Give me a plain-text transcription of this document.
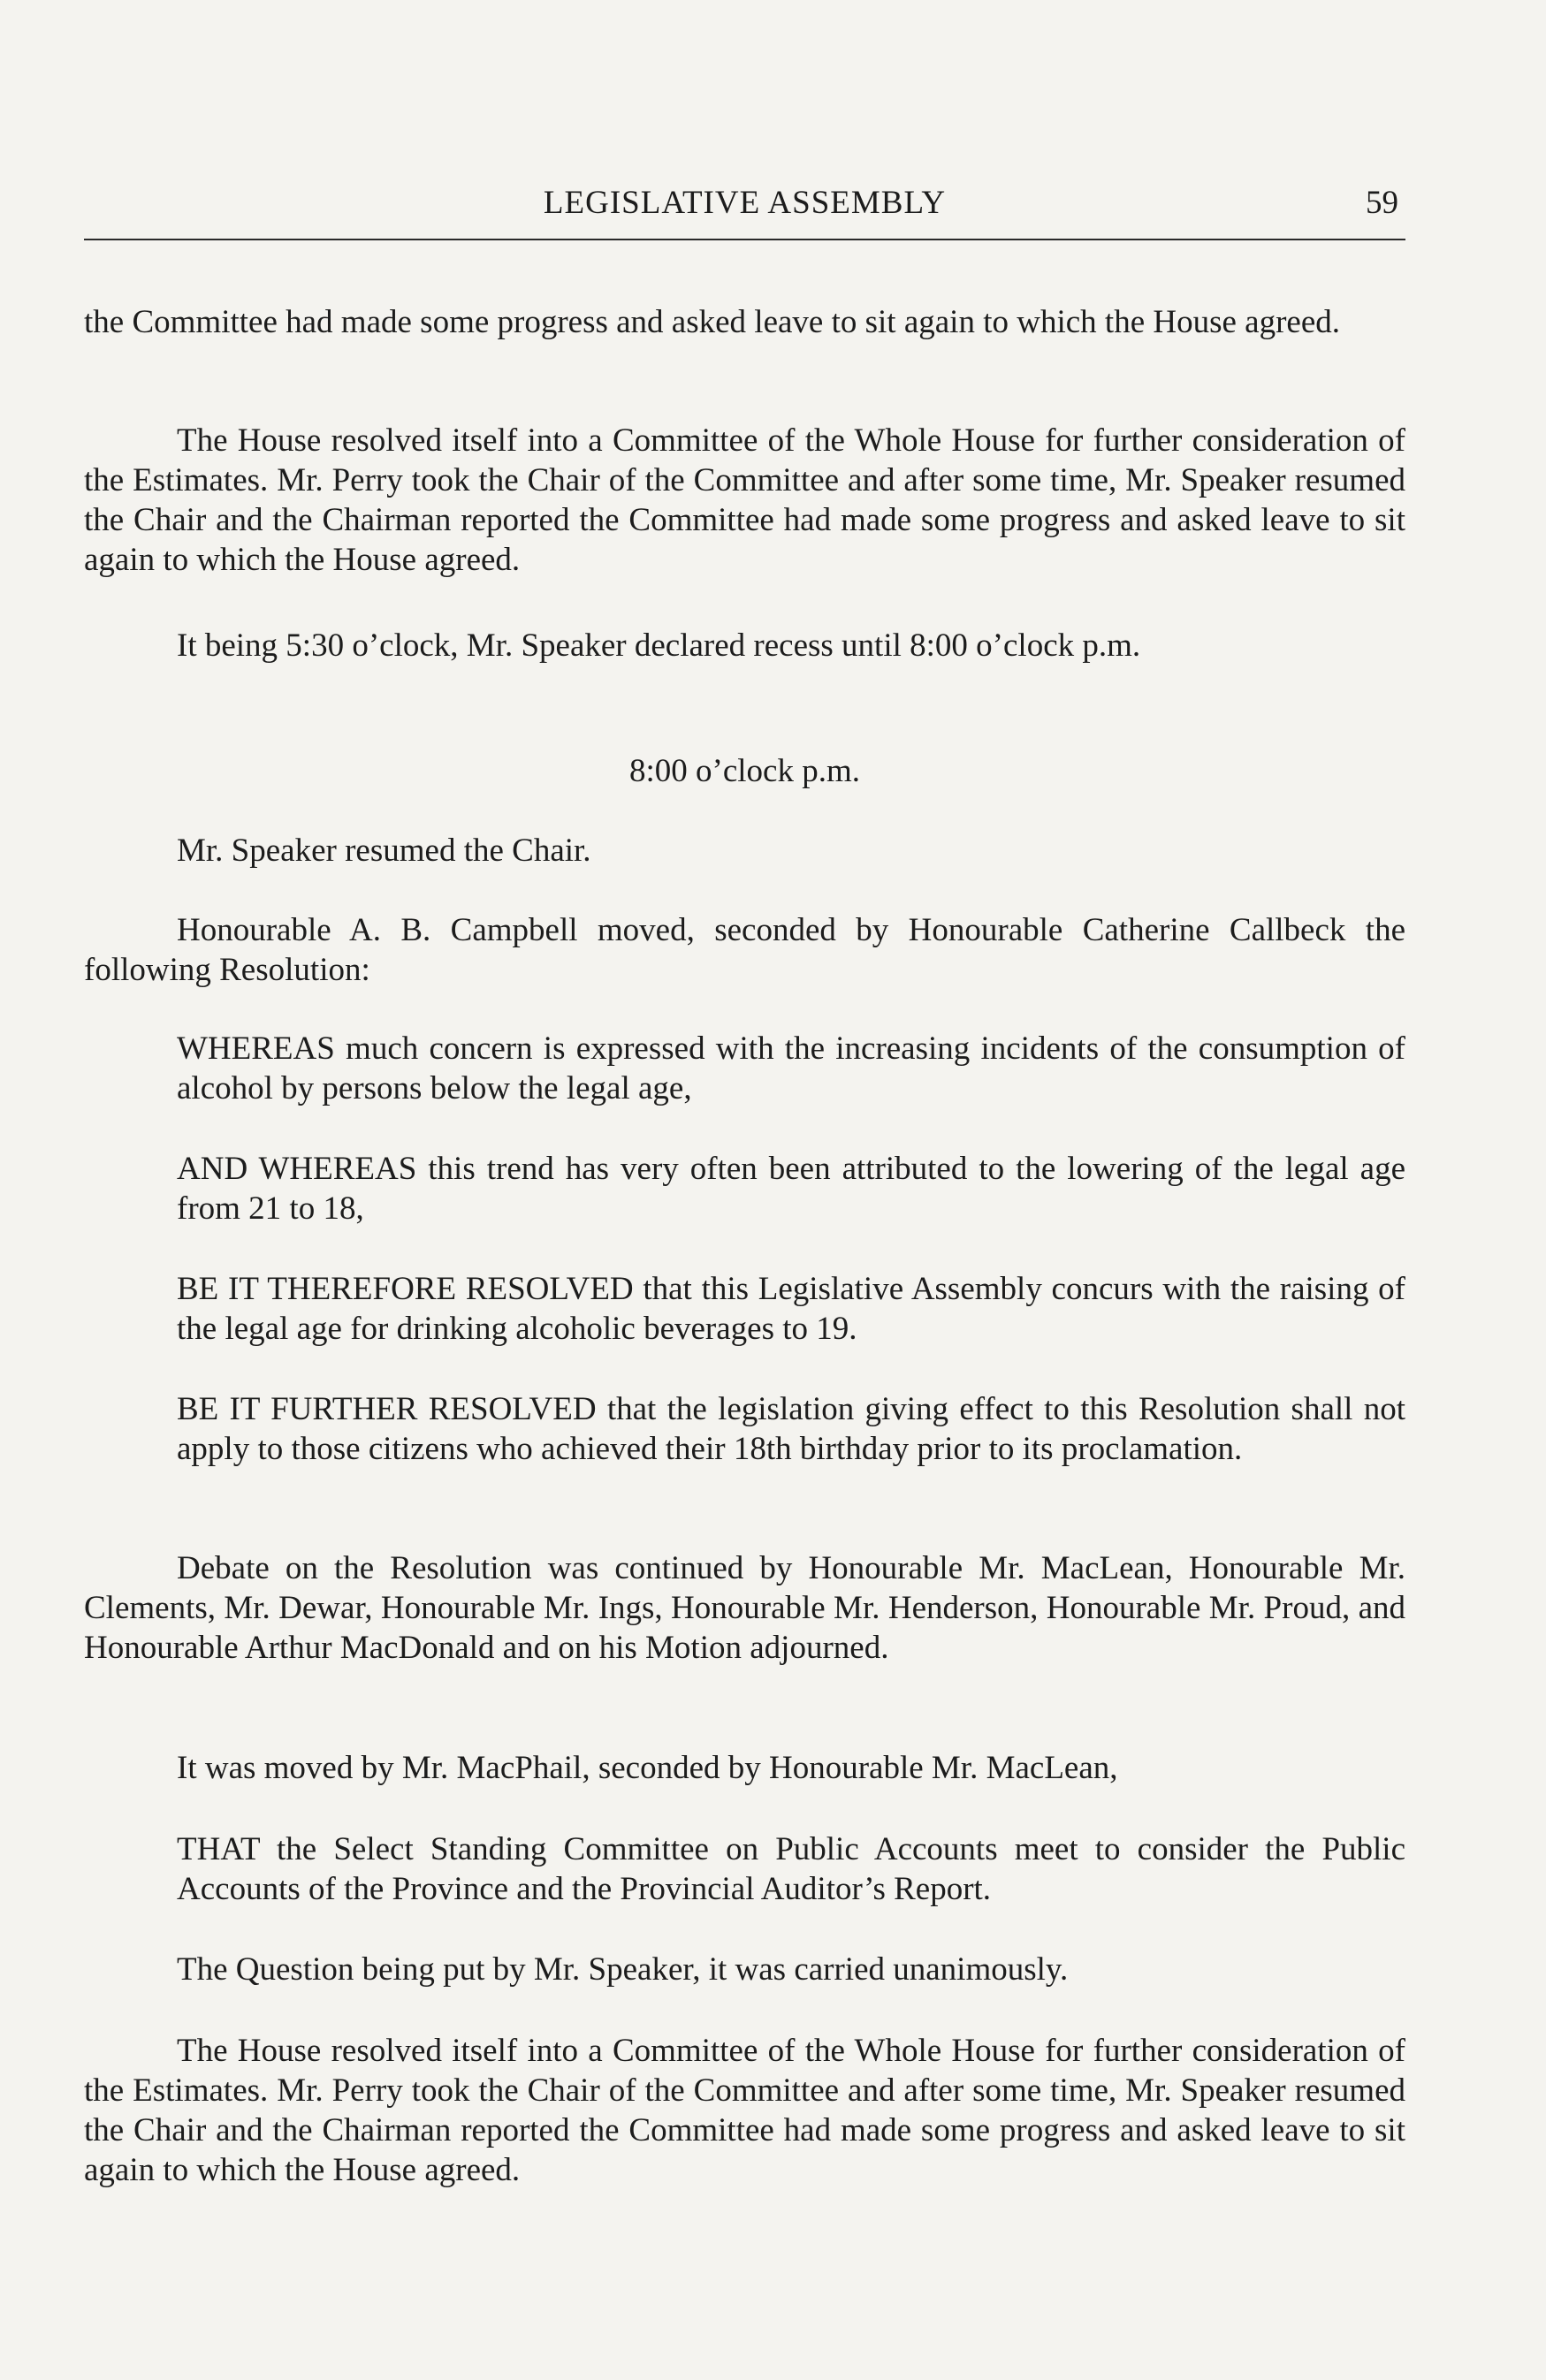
LEGISLATIVE ASSEMBLY	59

the Committee had made some progress and asked leave to sit again to which the House agreed.

The House resolved itself into a Committee of the Whole House for further consideration of the Estimates. Mr. Perry took the Chair of the Committee and after some time, Mr. Speaker resumed the Chair and the Chairman reported the Committee had made some progress and asked leave to sit again to which the House agreed.

It being 5:30 o’clock, Mr. Speaker declared recess until 8:00 o’clock p.m.

8:00 o’clock p.m.

Mr. Speaker resumed the Chair.

Honourable A. B. Campbell moved, seconded by Honourable Catherine Callbeck the following Resolution:

WHEREAS much concern is expressed with the increasing incidents of the consumption of alcohol by persons below the legal age,

AND WHEREAS this trend has very often been attributed to the lowering of the legal age from 21 to 18,

BE IT THEREFORE RESOLVED that this Legislative Assembly concurs with the raising of the legal age for drinking alcoholic beverages to 19.

BE IT FURTHER RESOLVED that the legislation giving effect to this Resolution shall not apply to those citizens who achieved their 18th birthday prior to its proclamation.

Debate on the Resolution was continued by Honourable Mr. MacLean, Honourable Mr. Clements, Mr. Dewar, Honourable Mr. Ings, Honourable Mr. Henderson, Honourable Mr. Proud, and Honourable Arthur MacDonald and on his Motion adjourned.

It was moved by Mr. MacPhail, seconded by Honourable Mr. MacLean,

THAT the Select Standing Committee on Public Accounts meet to consider the Public Accounts of the Province and the Provincial Auditor’s Report.

The Question being put by Mr. Speaker, it was carried unanimously.

The House resolved itself into a Committee of the Whole House for further consideration of the Estimates. Mr. Perry took the Chair of the Committee and after some time, Mr. Speaker resumed the Chair and the Chairman reported the Committee had made some progress and asked leave to sit again to which the House agreed.
